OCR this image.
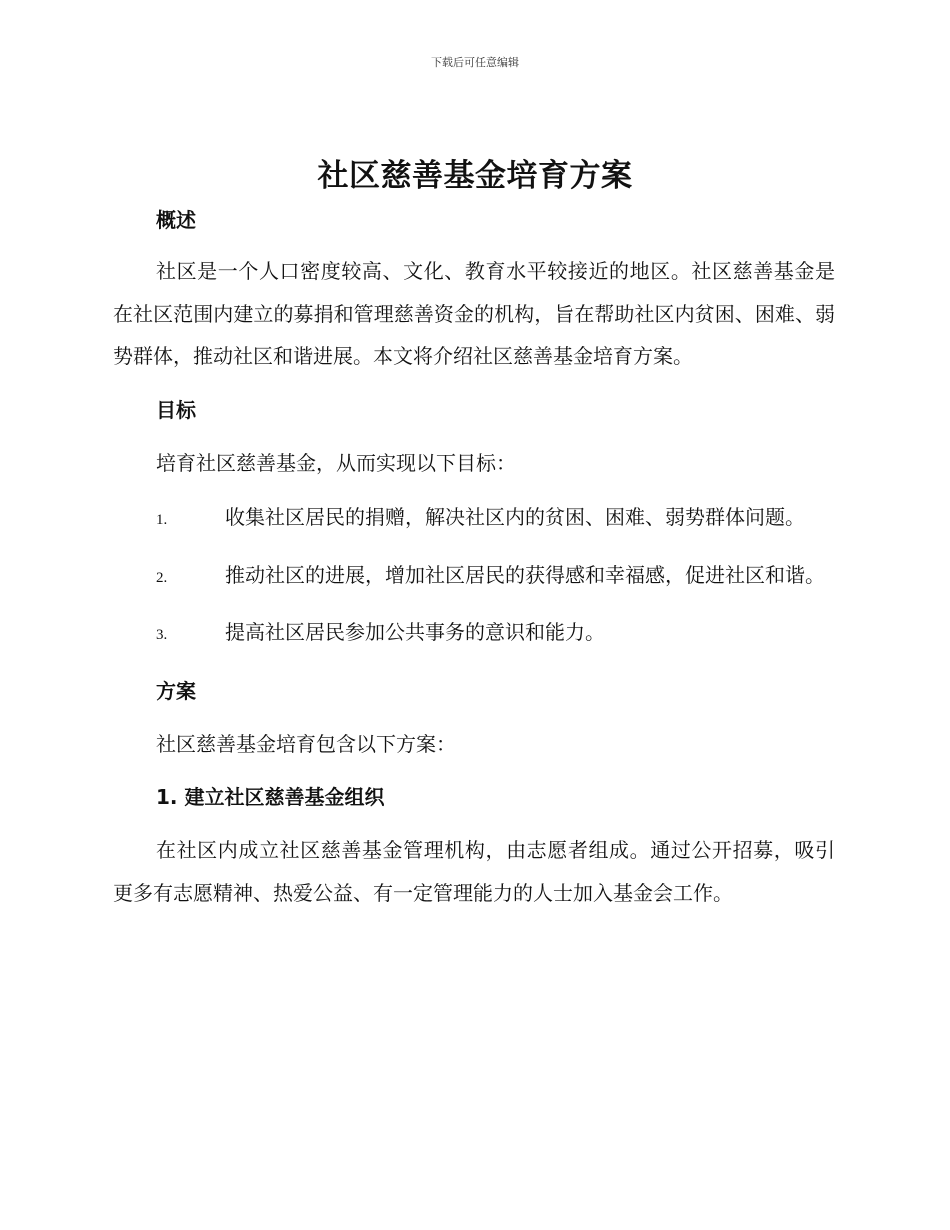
下载后可任意编辑
社区慈善基金培育方案
概述

社区是一个人口密度较高、文化、教育水平较接近的地区。社区慈善基金是在社区范围内建立的募捐和管理慈善资金的机构，旨在帮助社区内贫困、困难、弱势群体，推动社区和谐进展。本文将介绍社区慈善基金培育方案。

目标

培育社区慈善基金，从而实现以下目标：

1.	收集社区居民的捐赠，解决社区内的贫困、困难、弱势群体问题。

2.	推动社区的进展，增加社区居民的获得感和幸福感，促进社区和谐。

3.	提高社区居民参加公共事务的意识和能力。

方案

社区慈善基金培育包含以下方案：

1. 建立社区慈善基金组织

在社区内成立社区慈善基金管理机构，由志愿者组成。通过公开招募，吸引更多有志愿精神、热爱公益、有一定管理能力的人士加入基金会工作。
